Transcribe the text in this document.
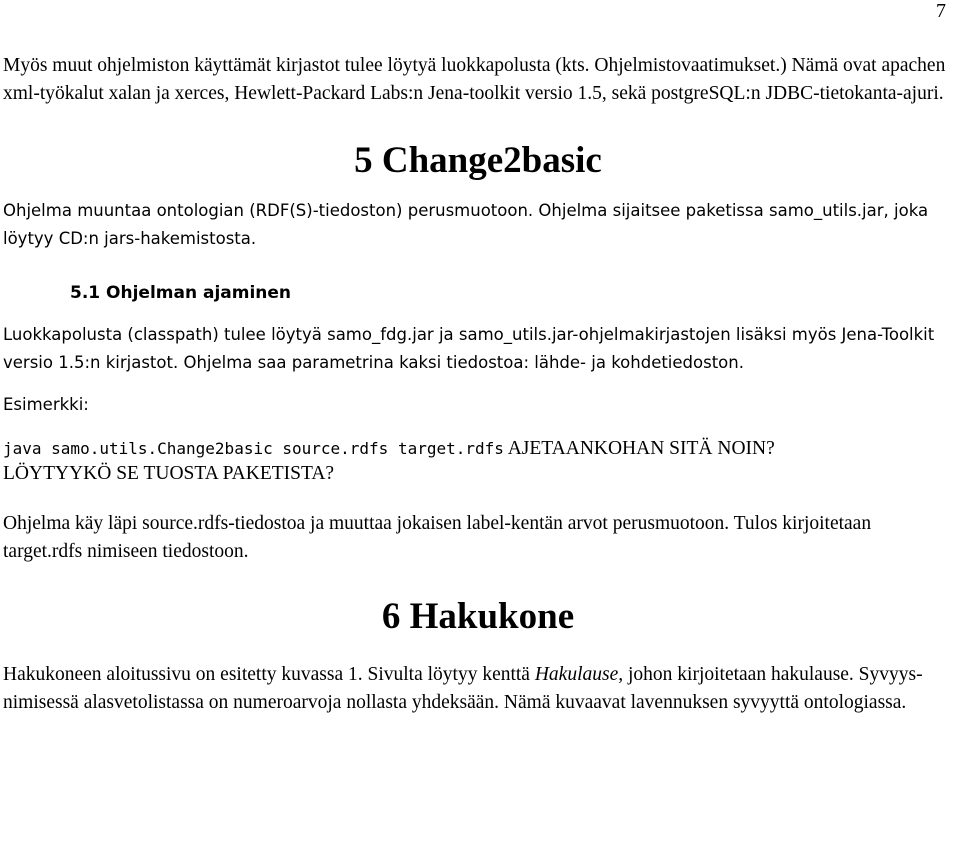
7

Myös muut ohjelmiston käyttämät kirjastot tulee löytyä luokkapolusta (kts. Ohjelmistovaatimukset.) Nämä ovat apachen xml-työkalut xalan ja xerces, Hewlett-Packard Labs:n Jena-toolkit versio 1.5, sekä postgreSQL:n JDBC-tietokanta-ajuri.

5 Change2basic

Ohjelma muuntaa ontologian (RDF(S)-tiedoston) perusmuotoon. Ohjelma sijaitsee paketissa samo_utils.jar, joka löytyy CD:n jars-hakemistosta.

5.1 Ohjelman ajaminen

Luokkapolusta (classpath) tulee löytyä samo_fdg.jar ja samo_utils.jar-ohjelmakirjastojen lisäksi myös Jena-Toolkit versio 1.5:n kirjastot. Ohjelma saa parametrina kaksi tiedostoa: lähde- ja kohdetiedoston.

Esimerkki:

java samo.utils.Change2basic source.rdfs target.rdfs AJETAANKOHAN SITÄ NOIN?
LÖYTYYKÖ SE TUOSTA PAKETISTA?

Ohjelma käy läpi source.rdfs-tiedostoa ja muuttaa jokaisen label-kentän arvot perusmuotoon. Tulos kirjoitetaan target.rdfs nimiseen tiedostoon.

6 Hakukone

Hakukoneen aloitussivu on esitetty kuvassa 1. Sivulta löytyy kenttä Hakulause, johon kirjoitetaan hakulause. Syvyys-nimisessä alasvetolistassa on numeroarvoja nollasta yhdeksään. Nämä kuvaavat lavennuksen syvyyttä ontologiassa.
